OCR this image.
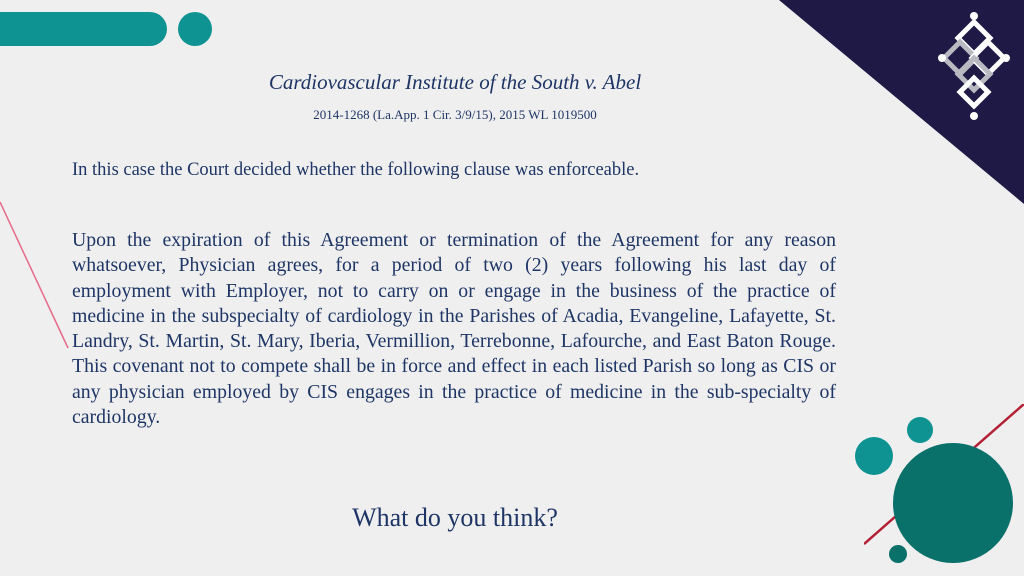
Cardiovascular Institute of the South v. Abel
2014-1268 (La.App. 1 Cir. 3/9/15), 2015 WL 1019500
In this case the Court decided whether the following clause was enforceable.
Upon the expiration of this Agreement or termination of the Agreement for any reason whatsoever, Physician agrees, for a period of two (2) years following his last day of employment with Employer, not to carry on or engage in the business of the practice of medicine in the subspecialty of cardiology in the Parishes of Acadia, Evangeline, Lafayette, St. Landry, St. Martin, St. Mary, Iberia, Vermillion, Terrebonne, Lafourche, and East Baton Rouge. This covenant not to compete shall be in force and effect in each listed Parish so long as CIS or any physician employed by CIS engages in the practice of medicine in the sub-specialty of cardiology.
What do you think?
